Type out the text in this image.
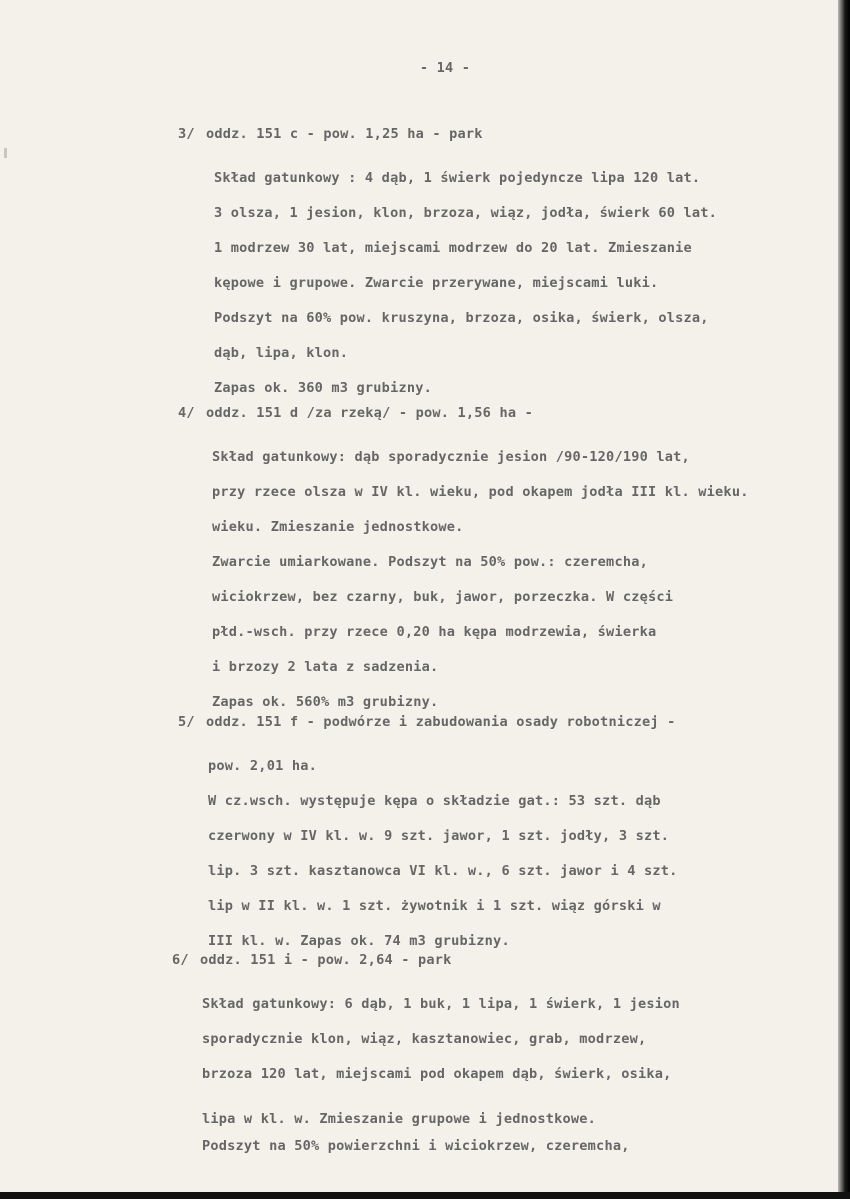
- 14 -
3/ oddz. 151 c - pow. 1,25 ha - park
Skład gatunkowy : 4 dąb, 1 świerk pojedyncze lipa 120 lat.
3 olsza, 1 jesion, klon, brzoza, wiąz, jodła, świerk 60 lat.
1 modrzew 30 lat, miejscami modrzew do 20 lat. Zmieszanie
kępowe i grupowe. Zwarcie przerywane, miejscami luki.
Podszyt na 60% pow. kruszyna, brzoza, osika, świerk, olsza,
dąb, lipa, klon.
Zapas ok. 360 m3 grubizny.
4/ oddz. 151 d /za rzeką/ - pow. 1,56 ha -
Skład gatunkowy: dąb sporadycznie jesion /90-120/190 lat,
przy rzece olsza w IV kl. wieku, pod okapem jodła III kl. wieku.
wieku. Zmieszanie jednostkowe.
Zwarcie umiarkowane. Podszyt na 50% pow.: czeremcha,
wiciokrzew, bez czarny, buk, jawor, porzeczka. W części
płd.-wsch. przy rzece 0,20 ha kępa modrzewia, świerka
i brzozy 2 lata z sadzenia.
Zapas ok. 560% m3 grubizny.
5/ oddz. 151 f - podwórze i zabudowania osady robotniczej -
pow. 2,01 ha.
W cz.wsch. występuje kępa o składzie gat.: 53 szt. dąb
czerwony w IV kl. w. 9 szt. jawor, 1 szt. jodły, 3 szt.
lip. 3 szt. kasztanowca VI kl. w., 6 szt. jawor i 4 szt.
lip w II kl. w. 1 szt. żywotnik i 1 szt. wiąz górski w
III kl. w. Zapas ok. 74 m3 grubizny.
6/ oddz. 151 i - pow. 2,64 - park
Skład gatunkowy: 6 dąb, 1 buk, 1 lipa, 1 świerk, 1 jesion
sporadycznie klon, wiąz, kasztanowiec, grab, modrzew,
brzoza 120 lat, miejscami pod okapem dąb, świerk, osika,
lipa w kl. w. Zmieszanie grupowe i jednostkowe.
Podszyt na 50% powierzchni i wiciokrzew, czeremcha,
